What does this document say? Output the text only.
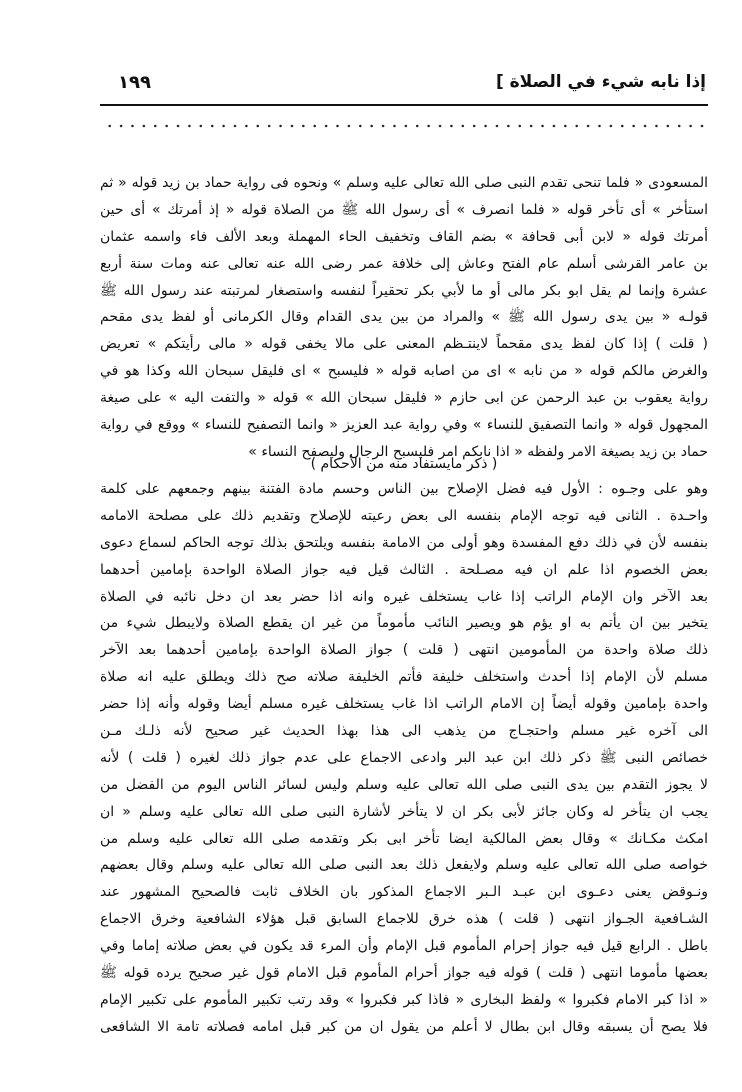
إذا نابه شيء في الصلاة ]
١٩٩
المسعودى « فلما تنحى تقدم النبى صلى الله تعالى عليه وسلم » ونحوه فى رواية حماد بن زيد قوله « ثم
استأخر » أى تأخر قوله « فلما انصرف » أى رسول الله ﷺ من الصلاة قوله « إذ أمرتك » أى حين
أمرتك قوله « لابن أبى قحافة » بضم القاف وتخفيف الحاء المهملة وبعد الألف فاء واسمه عثمان
بن عامر القرشى أسلم عام الفتح وعاش إلى خلافة عمر رضى الله عنه تعالى عنه ومات سنة أربع
عشرة وإنما لم يقل ابو بكر مالى أو ما لأبي بكر تحقيراً لنفسه واستصغار لمرتبته عند رسول الله ﷺ
قولـه « بين يدى رسول الله ﷺ » والمراد من بين يدى القدام وقال الكرمانى أو لفظ يدى مقحم
( قلت ) إذا كان لفظ يدى مقحماً لاينتـظم المعنى على مالا يخفى قوله « مالى رأيتكم » تعريض
والغرض مالكم قوله « من نابه » اى من اصابه قوله « فليسبح » اى فليقل سبحان الله وكذا هو في
رواية يعقوب بن عبد الرحمن عن ابى حازم « فليقل سبحان الله » قوله « والتفت اليه » على صيغة
المجهول قوله « وانما التصفيق للنساء » وفي رواية عبد العزيز « وانما التصفيح للنساء » ووقع في رواية
حماد بن زيد بصيغة الامر ولفظه « اذا نابكم امر فليسبح الرجال وليصفح النساء »
( ذكر مايستفاد منه من الأحكام )
وهو على وجـوه : الأول فيه فضل الإصلاح بين الناس وحسم مادة الفتنة بينهم وجمعهم على كلمة
واحـدة . الثانى فيه توجه الإمام بنفسه الى بعض رعيته للإصلاح وتقديم ذلك على مصلحة الامامه
بنفسه لأن في ذلك دفع المفسدة وهو أولى من الامامة بنفسه ويلتحق بذلك توجه الحاكم لسماع دعوى
بعض الخصوم اذا علم ان فيه مصـلحة . الثالث قيل فيه جواز الصلاة الواحدة بإمامين أحدهما
بعد الآخر وان الإمام الراتب إذا غاب يستخلف غيره وانه اذا حضر بعد ان دخل نائبه في الصلاة
يتخير بين ان يأتم به او يؤم هو ويصير النائب مأموماً من غير ان يقطع الصلاة ولايبطل شيء من
ذلك صلاة واحدة من المأمومين انتهى ( قلت ) جواز الصلاة الواحدة بإمامين أحدهما بعد الآخر
مسلم لأن الإمام إذا أحدث واستخلف خليفة فأتم الخليفة صلاته صح ذلك ويطلق عليه انه صلاة
واحدة بإمامين وقوله أيضاً إن الامام الراتب اذا غاب يستخلف غيره مسلم أيضا وقوله وأنه إذا حضر
الى آخره غير مسلم واحتجـاج من يذهب الى هذا بهذا الحديث غير صحيح لأنه ذلـك مـن
خصائص النبى ﷺ ذكر ذلك ابن عبد البر وادعى الاجماع على عدم جواز ذلك لغيره ( قلت ) لأنه
لا يجوز التقدم بين يدى النبى صلى الله تعالى عليه وسلم وليس لسائر الناس اليوم من الفضل من
يجب ان يتأخر له وكان جائز لأبى بكر ان لا يتأخر لأشارة النبى صلى الله تعالى عليه وسلم « ان
امكث مكـانك » وقال بعض المالكية ايضا تأخر ابى بكر وتقدمه صلى الله تعالى عليه وسلم من
خواصه صلى الله تعالى عليه وسلم ولايفعل ذلك بعد النبى صلى الله تعالى عليه وسلم وقال بعضهم
ونـوقض يعنى دعـوى ابن عبـد الـبر الاجماع المذكور بان الخلاف ثابت فالصحيح المشهور عند
الشـافعية الجـواز انتهى ( قلت ) هذه خرق للاجماع السابق قبل هؤلاء الشافعية وخرق الاجماع
باطل . الرابع قيل فيه جواز إحرام المأموم قبل الإمام وأن المرء قد يكون في بعض صلاته إماما وفي
بعضها مأموما انتهى ( قلت ) قوله فيه جواز أحرام المأموم قبل الامام قول غير صحيح يرده قوله ﷺ
« اذا كبر الامام فكبروا » ولفظ البخارى « فاذا كبر فكبروا » وقد رتب تكبير المأموم على تكبير الإمام
فلا يصح أن يسبقه وقال ابن بطال لا أعلم من يقول ان من كبر قبل امامه فصلاته تامة الا الشافعى
